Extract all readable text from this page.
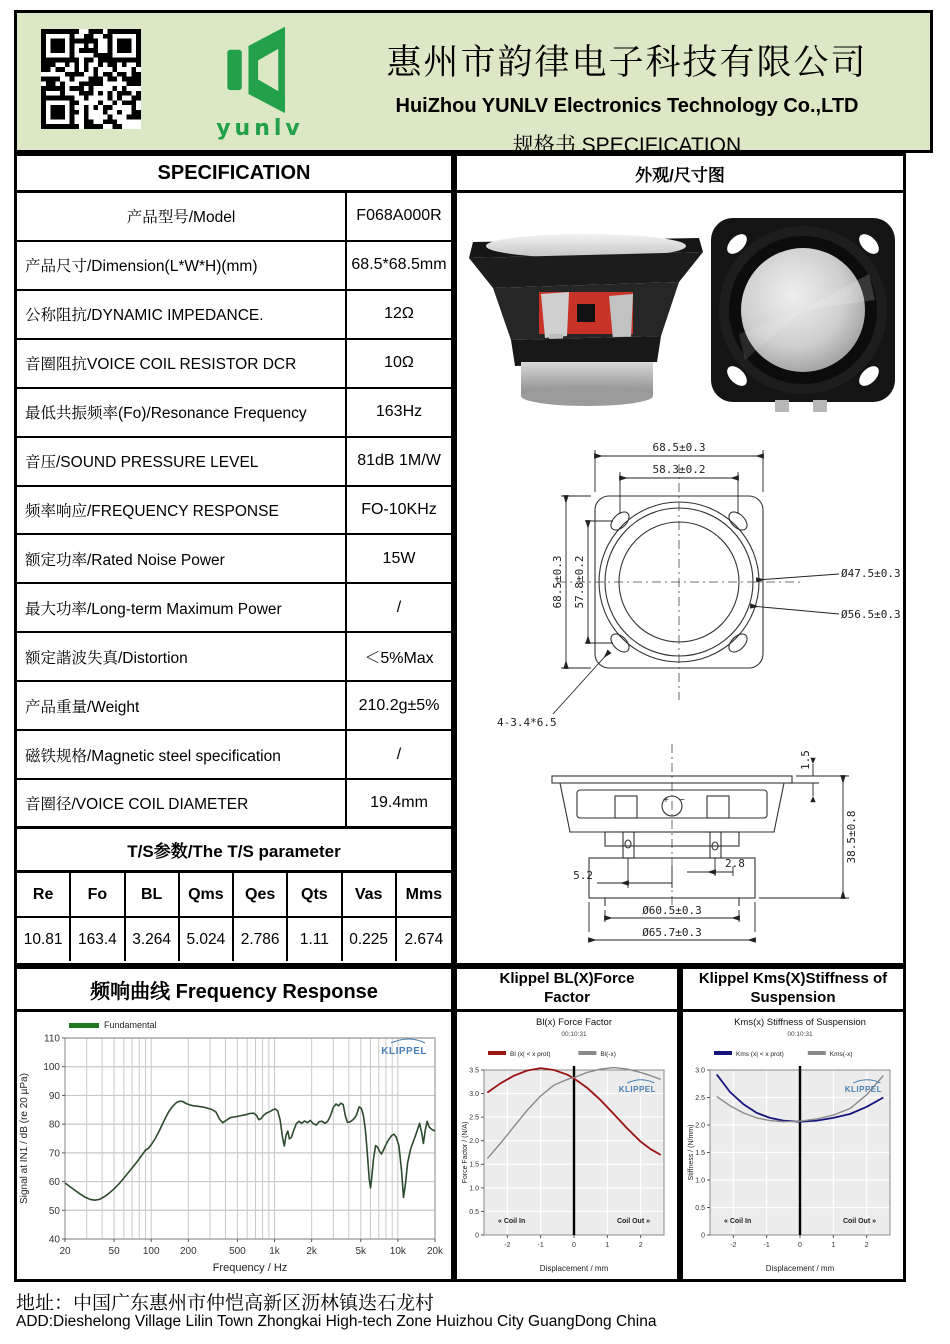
yunlv
惠州市韵律电子科技有限公司
HuiZhou YUNLV Electronics Technology Co.,LTD
规格书 SPECIFICATION
SPECIFICATION
产品型号/Model	F068A000R
产品尺寸/Dimension(L*W*H)(mm)	68.5*68.5mm
公称阻抗/DYNAMIC IMPEDANCE.	12Ω
音圈阻抗VOICE COIL RESISTOR DCR	10Ω
最低共振频率(Fo)/Resonance Frequency	163Hz
音压/SOUND PRESSURE LEVEL	81dB 1M/W
频率响应/FREQUENCY RESPONSE	FO-10KHz
额定功率/Rated Noise Power	15W
最大功率/Long-term Maximum Power	/
额定諧波失真/Distortion	＜5%Max
产品重量/Weight	210.2g±5%
磁铁规格/Magnetic steel specification	/
音圈径/VOICE COIL DIAMETER	19.4mm
T/S参数/The T/S parameter
Re	Fo	BL	Qms	Qes	Qts	Vas	Mms
10.81 163.4 3.264 5.024 2.786	1.11	0.225	2.674
外观/尺寸图
68.5±0.3
58.3±0.2
68.5±0.3 57.8±0.2	Ø47.5±0.3
Ø56.5±0.3
4-3.4*6.5
+ −
1.5
38.5±0.8
5.2
2.8
Ø60.5±0.3
Ø65.7±0.3
频响曲线 Frequency Response
40
50
60
70
80
90
100
110
20	50 100 200	500 1k	2k	5k 10k 20k
Frequency / Hz
Signal at IN1 / dB (re 20 µPa)
Fundamental
KLIPPEL
Klippel BL(X)Force
Factor
0
0.5
1.0
1.5
2.0
2.5
3.0
3.5
-2	-1	0	1	2
Displacement / mm
Force Factor / (N/A)
Bl(x) Force Factor
00:10:31
Bl (x| < x prot)	Bl(-x)
« Coil In	Coil Out »
KLIPPEL
Klippel Kms(X)Stiffness of
Suspension
0
0.5
1.0
1.5
2.0
2.5
3.0
-2	-1	0	1	2
Displacement / mm
Stiffness / (N/mm)
Kms(x) Stiffness of Suspension
00:10:31
Kms (x| < x prot)	Kms(-x)
« Coil In	Coil Out »
KLIPPEL
地址：中国广东惠州市仲恺高新区沥林镇迭石龙村
ADD:Dieshelong Village Lilin Town Zhongkai High-tech Zone Huizhou City GuangDong China
